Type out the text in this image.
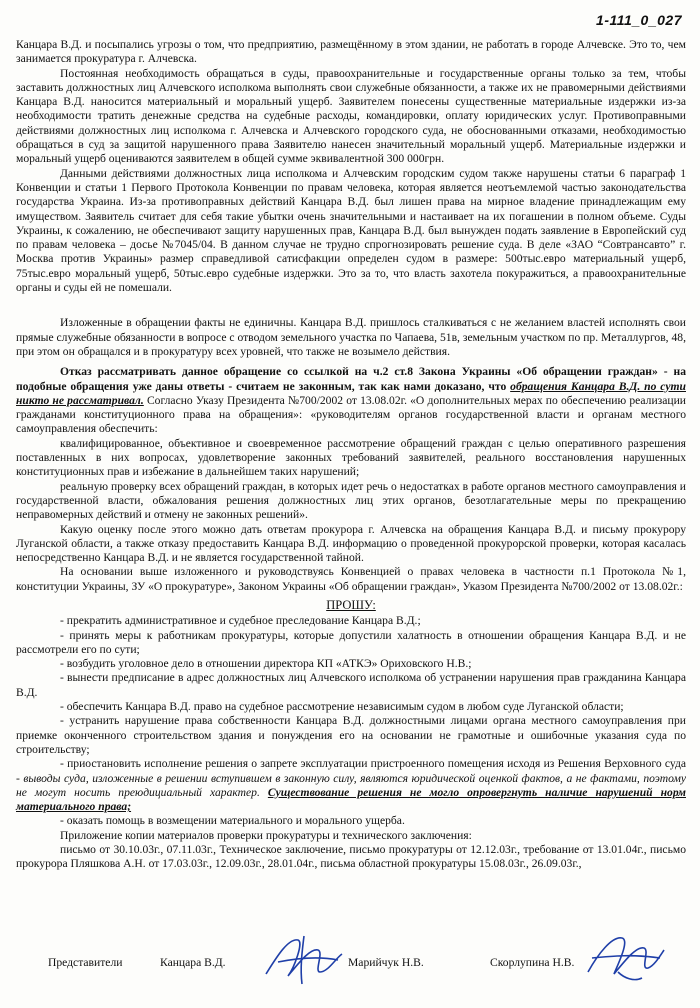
1-111_0_027

Канцара В.Д. и посыпались угрозы о том, что предприятию, размещённому в этом здании, не работать в городе Алчевске. Это то, чем занимается прокуратура г. Алчевска.

Постоянная необходимость обращаться в суды, правоохранительные и государственные органы только за тем, чтобы заставить должностных лиц Алчевского исполкома выполнять свои служебные обязанности, а также их не правомерными действиями Канцара В.Д. наносится материальный и моральный ущерб. Заявителем понесены существенные материальные издержки из-за необходимости тратить денежные средства на судебные расходы, командировки, оплату юридических услуг. Противоправными действиями должностных лиц исполкома г. Алчевска и Алчевского городского суда, не обоснованными отказами, необходимостью обращаться в суд за защитой нарушенного права Заявителю нанесен значительный моральный ущерб. Материальные издержки и моральный ущерб оцениваются заявителем в общей сумме эквивалентной 300 000грн.

Данными действиями должностных лица исполкома и Алчевским городским судом также нарушены статьи 6 параграф 1 Конвенции и статьи 1 Первого Протокола Конвенции по правам человека, которая является неотъемлемой частью законодательства государства Украина. Из-за противоправных действий Канцара В.Д. был лишен права на мирное владение принадлежащим ему имуществом. Заявитель считает для себя такие убытки очень значительными и настаивает на их погашении в полном объеме. Суды Украины, к сожалению, не обеспечивают защиту нарушенных прав, Канцара В.Д. был вынужден подать заявление в Европейский суд по правам человека – досье №7045/04. В данном случае не трудно спрогнозировать решение суда. В деле «ЗАО “Совтрансавто” г. Москва против Украины» размер справедливой сатисфакции определен судом в размере: 500тыс.евро материальный ущерб, 75тыс.евро моральный ущерб, 50тыс.евро судебные издержки. Это за то, что власть захотела покуражиться, а правоохранительные органы и суды ей не помешали.

Изложенные в обращении факты не единичны. Канцара В.Д. пришлось сталкиваться с не желанием властей исполнять свои прямые служебные обязанности в вопросе с отводом земельного участка по Чапаева, 51в, земельным участком по пр. Металлургов, 48, при этом он обращался и в прокуратуру всех уровней, что также не возымело действия.

Отказ рассматривать данное обращение со ссылкой на ч.2 ст.8 Закона Украины «Об обращении граждан» - на подобные обращения уже даны ответы - считаем не законным, так как нами доказано, что обращения Канцара В.Д. по сути никто не рассматривал. Согласно Указу Президента №700/2002 от 13.08.02г. «О дополнительных мерах по обеспечению реализации гражданами конституционного права на обращения»: «руководителям органов государственной власти и органам местного самоуправления обеспечить:

квалифицированное, объективное и своевременное рассмотрение обращений граждан с целью оперативного разрешения поставленных в них вопросах, удовлетворение законных требований заявителей, реального восстановления нарушенных конституционных прав и избежание в дальнейшем таких нарушений;

реальную проверку всех обращений граждан, в которых идет речь о недостатках в работе органов местного самоуправления и государственной власти, обжалования решения должностных лиц этих органов, безотлагательные меры по прекращению неправомерных действий и отмену не законных решений».

Какую оценку после этого можно дать ответам прокурора г. Алчевска на обращения Канцара В.Д. и письму прокурору Луганской области, а также отказу предоставить Канцара В.Д. информацию о проведенной прокурорской проверки, которая касалась непосредственно Канцара В.Д. и не является государственной тайной.

На основании выше изложенного и руководствуясь Конвенцией о правах человека в частности п.1 Протокола №1, конституции Украины, ЗУ «О прокуратуре», Законом Украины «Об обращении граждан», Указом Президента №700/2002 от 13.08.02г.:

ПРОШУ:

- прекратить административное и судебное преследование Канцара В.Д.;

- принять меры к работникам прокуратуры, которые допустили халатность в отношении обращения Канцара В.Д. и не рассмотрели его по сути;

- возбудить уголовное дело в отношении директора КП «АТКЭ» Ориховского Н.В.;

- вынести предписание в адрес должностных лиц Алчевского исполкома об устранении нарушения прав гражданина Канцара В.Д.

- обеспечить Канцара В.Д. право на судебное рассмотрение независимым судом в любом суде Луганской области;

- устранить нарушение права собственности Канцара В.Д. должностными лицами органа местного самоуправления при приемке оконченного строительством здания и понуждения его на основании не грамотные и ошибочные указания суда по строительству;

- приостановить исполнение решения о запрете эксплуатации пристроенного помещения исходя из Решения Верховного суда - выводы суда, изложенные в решении вступившем в законную силу, являются юридической оценкой фактов, а не фактами, поэтому не могут носить преюдициальный характер. Существование решения не могло опровергнуть наличие нарушений норм материального права;

- оказать помощь в возмещении материального и морального ущерба.

Приложение копии материалов проверки прокуратуры и технического заключения:

письмо от 30.10.03г., 07.11.03г., Техническое заключение, письмо прокуратуры от 12.12.03г., требование от 13.01.04г., письмо прокурора Пляшкова А.Н. от 17.03.03г., 12.09.03г., 28.01.04г., письма областной прокуратуры 15.08.03г., 26.09.03г.,

Представители	Канцара В.Д.	Марийчук Н.В.	Скорлупина Н.В.
